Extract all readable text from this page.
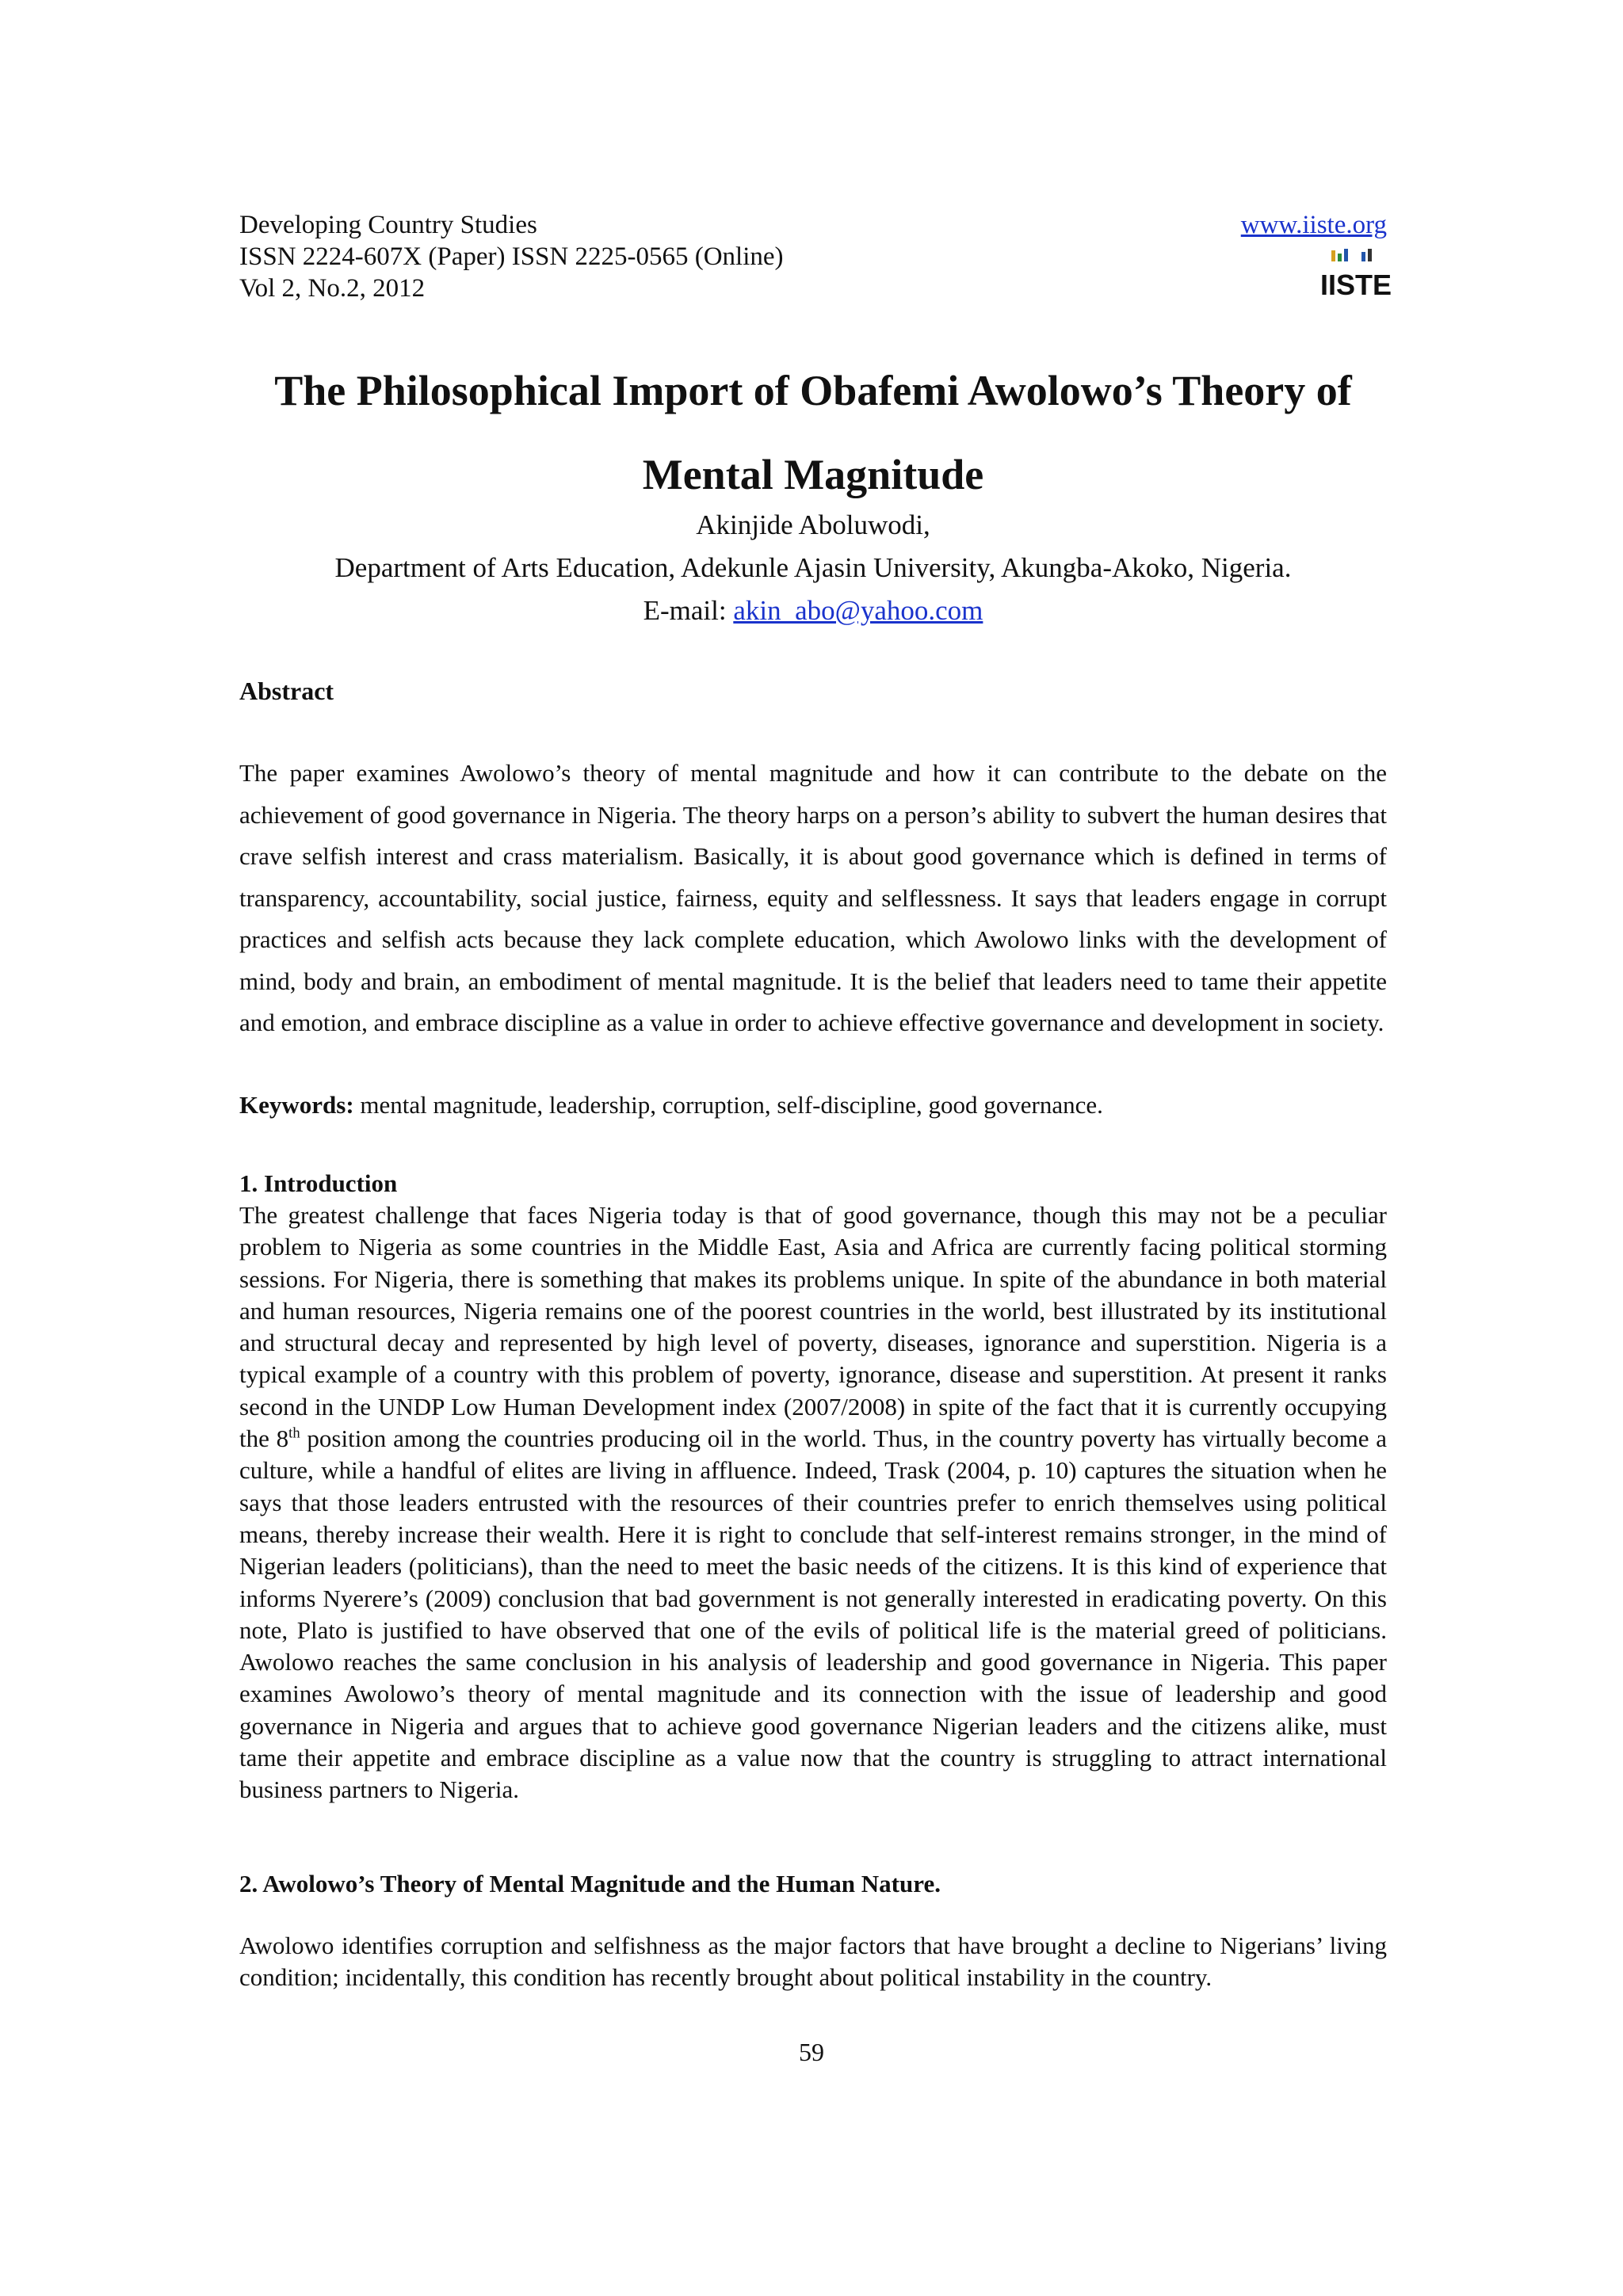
Developing Country Studies
ISSN 2224-607X (Paper) ISSN 2225-0565 (Online)
Vol 2, No.2, 2012
www.iiste.org
IISTE
The Philosophical Import of Obafemi Awolowo’s Theory of Mental Magnitude
Akinjide Aboluwodi,
Department of Arts Education, Adekunle Ajasin University, Akungba-Akoko, Nigeria.
E-mail: akin_abo@yahoo.com
Abstract

The paper examines Awolowo’s theory of mental magnitude and how it can contribute to the debate on the achievement of good governance in Nigeria. The theory harps on a person’s ability to subvert the human desires that crave selfish interest and crass materialism. Basically, it is about good governance which is defined in terms of transparency, accountability, social justice, fairness, equity and selflessness. It says that leaders engage in corrupt practices and selfish acts because they lack complete education, which Awolowo links with the development of mind, body and brain, an embodiment of mental magnitude. It is the belief that leaders need to tame their appetite and emotion, and embrace discipline as a value in order to achieve effective governance and development in society.

Keywords: mental magnitude, leadership, corruption, self-discipline, good governance.
1. Introduction

The greatest challenge that faces Nigeria today is that of good governance, though this may not be a peculiar problem to Nigeria as some countries in the Middle East, Asia and Africa are currently facing political storming sessions. For Nigeria, there is something that makes its problems unique. In spite of the abundance in both material and human resources, Nigeria remains one of the poorest countries in the world, best illustrated by its institutional and structural decay and represented by high level of poverty, diseases, ignorance and superstition. Nigeria is a typical example of a country with this problem of poverty, ignorance, disease and superstition. At present it ranks second in the UNDP Low Human Development index (2007/2008) in spite of the fact that it is currently occupying the 8th position among the countries producing oil in the world. Thus, in the country poverty has virtually become a culture, while a handful of elites are living in affluence. Indeed, Trask (2004, p. 10) captures the situation when he says that those leaders entrusted with the resources of their countries prefer to enrich themselves using political means, thereby increase their wealth. Here it is right to conclude that self-interest remains stronger, in the mind of Nigerian leaders (politicians), than the need to meet the basic needs of the citizens. It is this kind of experience that informs Nyerere’s (2009) conclusion that bad government is not generally interested in eradicating poverty. On this note, Plato is justified to have observed that one of the evils of political life is the material greed of politicians. Awolowo reaches the same conclusion in his analysis of leadership and good governance in Nigeria. This paper examines Awolowo’s theory of mental magnitude and its connection with the issue of leadership and good governance in Nigeria and argues that to achieve good governance Nigerian leaders and the citizens alike, must tame their appetite and embrace discipline as a value now that the country is struggling to attract international business partners to Nigeria.

2. Awolowo’s Theory of Mental Magnitude and the Human Nature.

Awolowo identifies corruption and selfishness as the major factors that have brought a decline to Nigerians’ living condition; incidentally, this condition has recently brought about political instability in the country.

59
